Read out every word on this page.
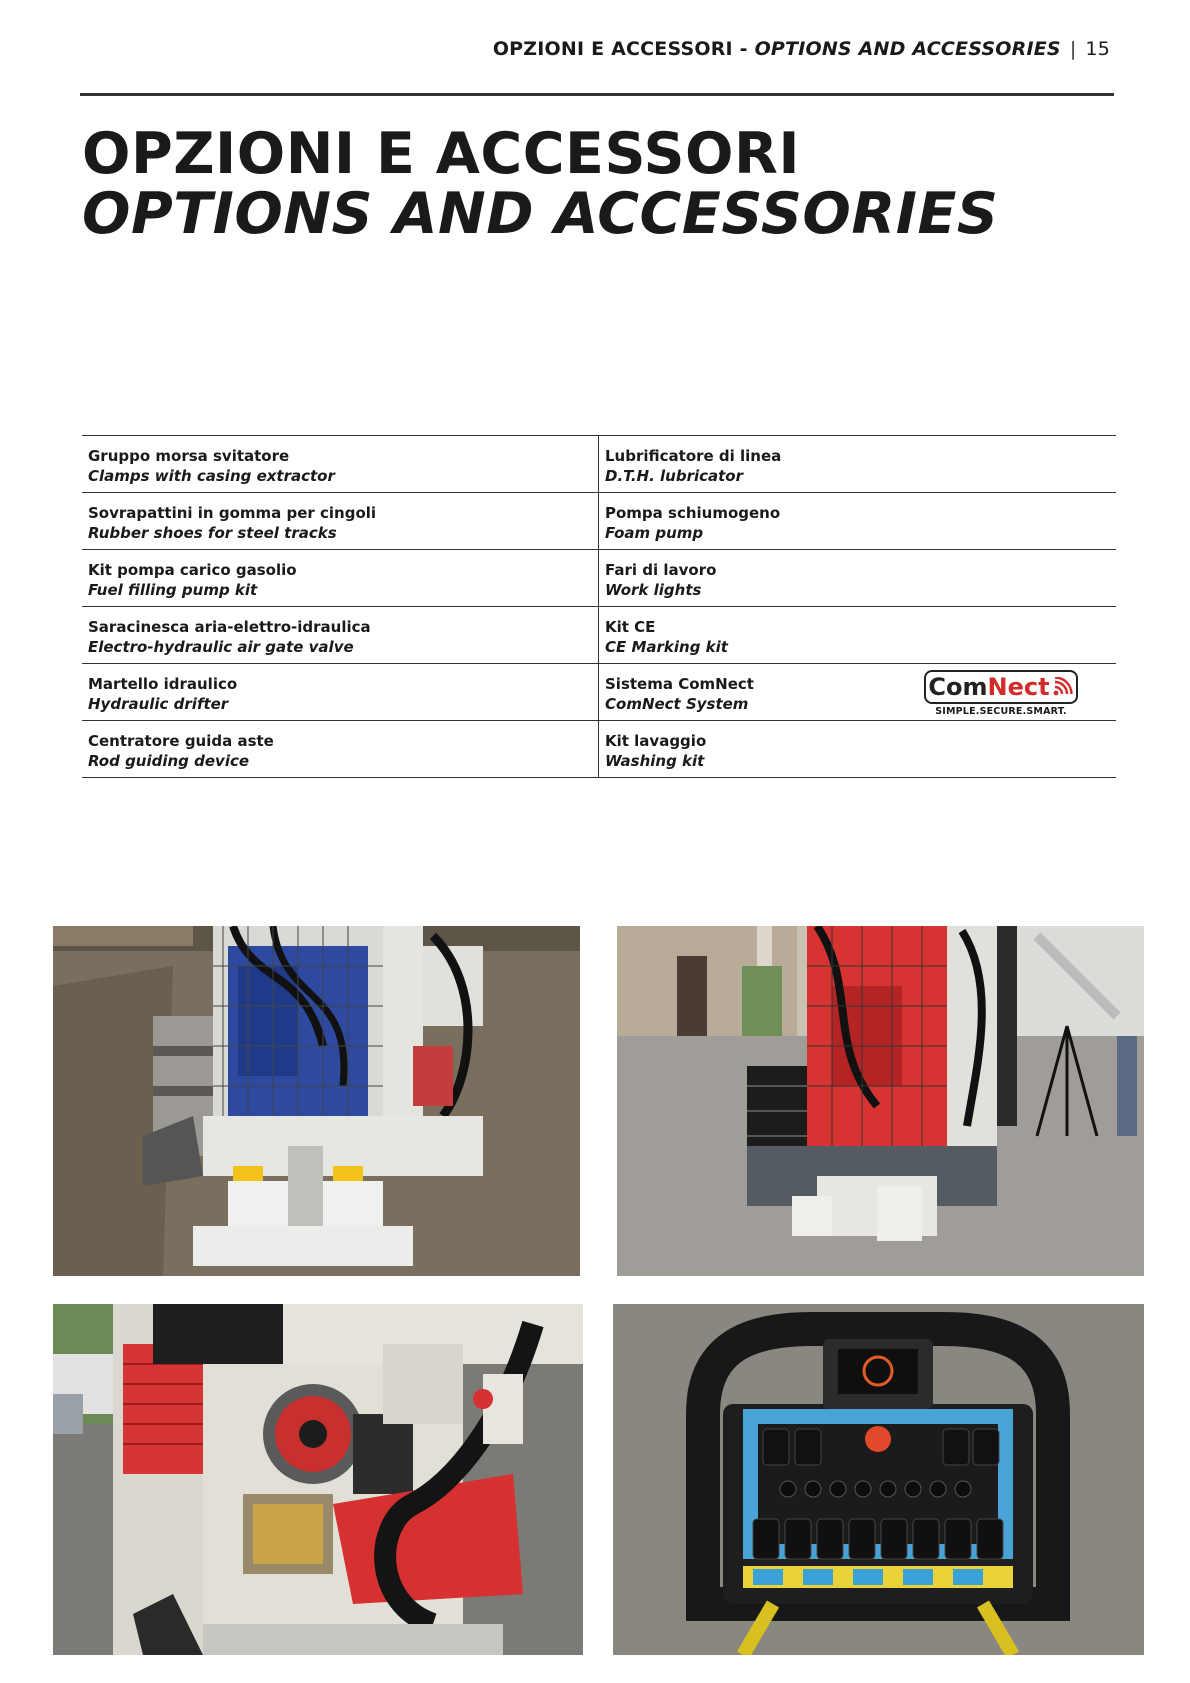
OPZIONI E ACCESSORI -
OPTIONS AND ACCESSORIES | 15
OPZIONI E ACCESSORI
OPTIONS AND ACCESSORIES
Gruppo morsa svitatore
Clamps with casing extractor
Lubrificatore di linea
D.T.H. lubricator
Sovrapattini in gomma per cingoli
Rubber shoes for steel tracks
Pompa schiumogeno
Foam pump
Kit pompa carico gasolio
Fuel filling pump kit
Fari di lavoro
Work lights
Saracinesca aria-elettro-idraulica
Electro-hydraulic air gate valve
Kit CE
CE Marking kit
Martello idraulico
Hydraulic drifter
Sistema ComNect
ComNect System
Com Nect
SIMPLE.SECURE.SMART.
Centratore guida aste
Rod guiding device
Kit lavaggio
Washing kit
